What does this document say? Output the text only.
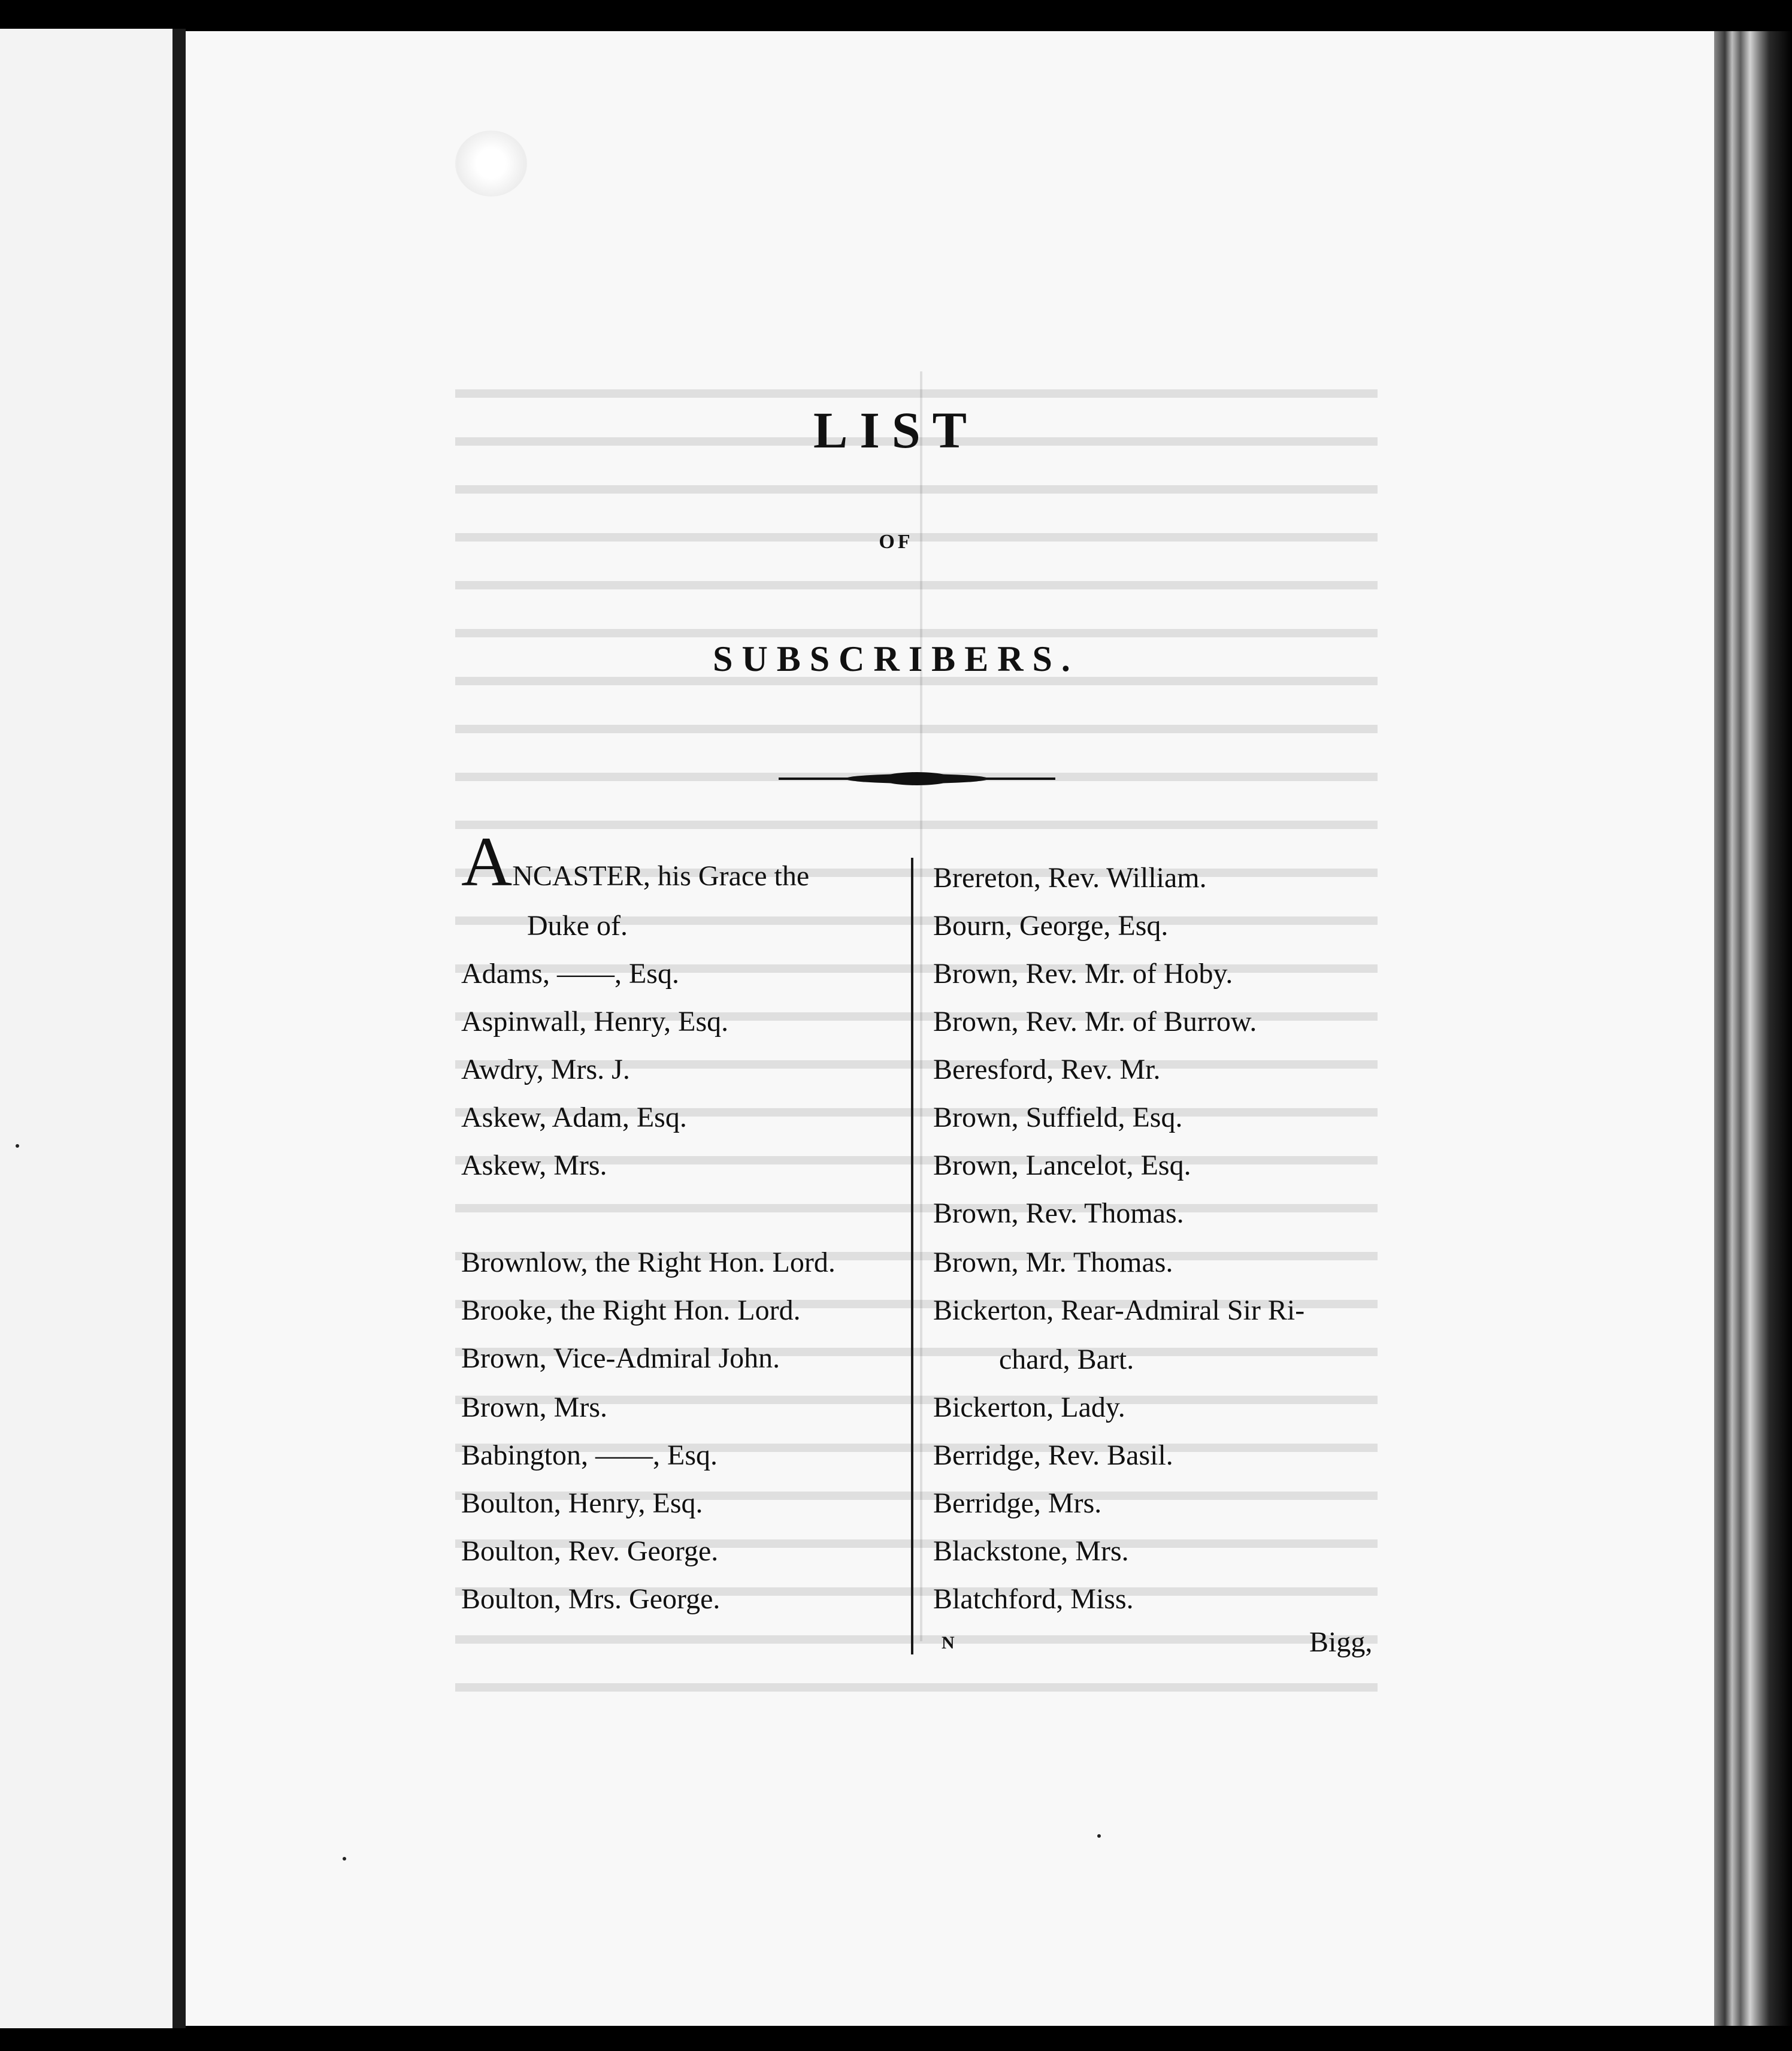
LIST
OF
SUBSCRIBERS.
ANCASTER, his Grace the
Duke of.
Adams, ——, Esq.
Aspinwall, Henry, Esq.
Awdry, Mrs. J.
Askew, Adam, Esq.
Askew, Mrs.
Brownlow, the Right Hon. Lord.
Brooke, the Right Hon. Lord.
Brown, Vice-Admiral John.
Brown, Mrs.
Babington, ——, Esq.
Boulton, Henry, Esq.
Boulton, Rev. George.
Boulton, Mrs. George.
Brereton, Rev. William.
Bourn, George, Esq.
Brown, Rev. Mr. of Hoby.
Brown, Rev. Mr. of Burrow.
Beresford, Rev. Mr.
Brown, Suffield, Esq.
Brown, Lancelot, Esq.
Brown, Rev. Thomas.
Brown, Mr. Thomas.
Bickerton, Rear-Admiral Sir Ri-
chard, Bart.
Bickerton, Lady.
Berridge, Rev. Basil.
Berridge, Mrs.
Blackstone, Mrs.
Blatchford, Miss.
N	Bigg,
